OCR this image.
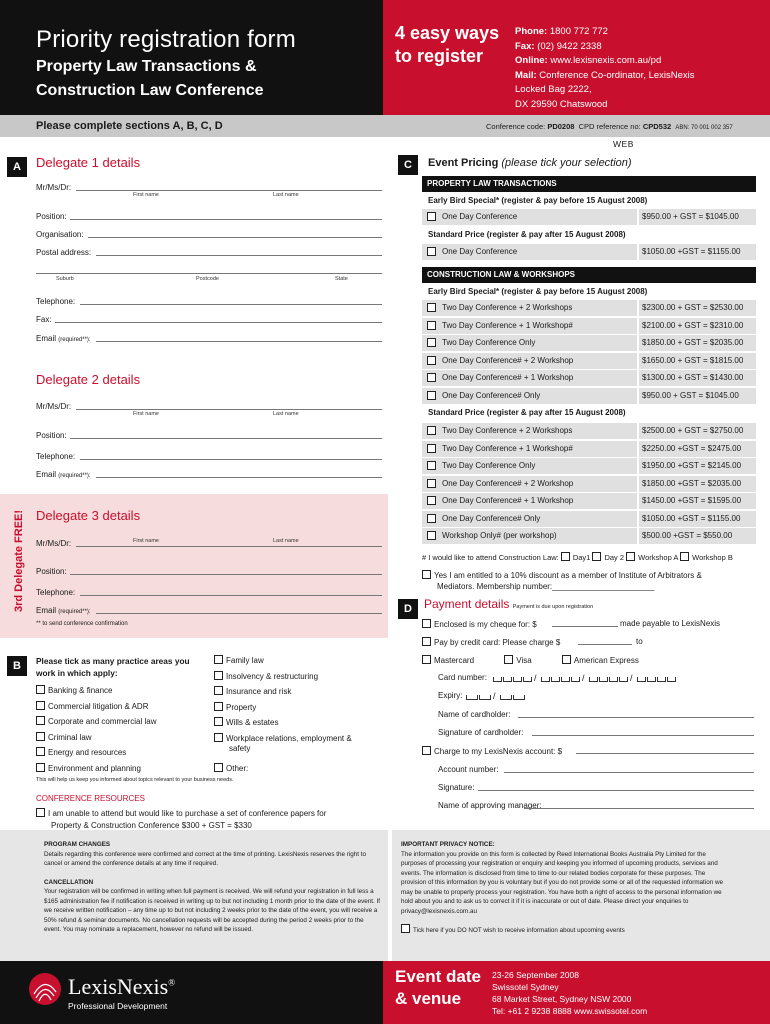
Priority registration form
Property Law Transactions &
Construction Law Conference
4 easy ways
to register
Phone: 1800 772 772
Fax: (02) 9422 2338
Online: www.lexisnexis.com.au/pd
Mail: Conference Co-ordinator, LexisNexis
Locked Bag 2222,
DX 29590 Chatswood
Please complete sections A, B, C, D	Conference code: PD0208 CPD reference no: CPD532 ABN: 70 001 002 357
WEB
A	Delegate 1 details
Mr/Ms/Dr:
First name	Last name
Position:
Organisation:
Postal address:
Suburb	Postcode	State
Telephone:
Fax:
Email (required**):
Delegate 2 details
Mr/Ms/Dr:
First name	Last name
Position:
Telephone:
Email (required**):
3rd Delegate FREE! Delegate 3 details
Mr/Ms/Dr:	First name	Last name
Position:
Telephone:
Email (required**):
** to send conference confirmation
B	Please tick as many practice areas you
work in which apply:
Banking & finance
Commercial litigation & ADR
Corporate and commercial law
Criminal law
Energy and resources
Environment and planning
Family law
Insolvency & restructuring
Insurance and risk
Property
Wills & estates
Workplace relations, employment &
safety
Other:
This will help us keep you informed about topics relevant to your business needs.
CONFERENCE RESOURCES
I am unable to attend but would like to purchase a set of conference papers for
Property & Construction Conference $300 + GST = $330
C	Event Pricing (please tick your selection)
PROPERTY LAW TRANSACTIONS
Early Bird Special* (register & pay before 15 August 2008)
One Day Conference	$950.00 + GST = $1045.00
Standard Price (register & pay after 15 August 2008)
One Day Conference	$1050.00 +GST = $1155.00
CONSTRUCTION LAW & WORKSHOPS
Early Bird Special* (register & pay before 15 August 2008)
Two Day Conference + 2 Workshops	$2300.00 + GST = $2530.00
Two Day Conference + 1 Workshop#	$2100.00 + GST = $2310.00
Two Day Conference Only	$1850.00 + GST = $2035.00
One Day Conference# + 2 Workshop	$1650.00 + GST = $1815.00
One Day Conference# + 1 Workshop	$1300.00 + GST = $1430.00
One Day Conference# Only	$950.00 + GST = $1045.00
Standard Price (register & pay after 15 August 2008)
Two Day Conference + 2 Workshops	$2500.00 + GST = $2750.00
Two Day Conference + 1 Workshop#	$2250.00 +GST = $2475.00
Two Day Conference Only	$1950.00 +GST = $2145.00
One Day Conference# + 2 Workshop	$1850.00 +GST = $2035.00
One Day Conference# + 1 Workshop	$1450.00 +GST = $1595.00
One Day Conference# Only	$1050.00 +GST = $1155.00
Workshop Only# (per workshop)	$500.00 +GST = $550.00
# I would like to attend Construction Law: Day1 Day 2 Workshop A Workshop B
Yes I am entitled to a 10% discount as a member of Institute of Arbitrators &
Mediators. Membership number:_______________________
D	Payment details Payment is due upon registration
Enclosed is my cheque for: $	made payable to LexisNexis
Pay by credit card: Please charge $	to
Mastercard	Visa	American Express
Card number:	/	/	/
Expiry:	/
Name of cardholder:
Signature of cardholder:
Charge to my LexisNexis account: $
Account number:
Signature:
Name of approving manager:
PROGRAM CHANGES
Details regarding this conference were confirmed and correct at the time of printing. LexisNexis reserves the right to cancel or amend the conference details at any time if required.
CANCELLATION
Your registration will be confirmed in writing when full payment is received. We will refund your registration in full less a $165 administration fee if notification is received in writing up to but not including 1 month prior to the date of the event. If we receive written notification – any time up to but not including 2 weeks prior to the date of the event, you will receive a 50% refund & seminar documents. No cancellation requests will be accepted during the period 2 weeks prior to the event. You may nominate a replacement, however no refund will be issued.
IMPORTANT PRIVACY NOTICE:
The information you provide on this form is collected by Reed International Books Australia Pty Limited for the purposes of processing your registration or enquiry and keeping you informed of upcoming products, services and events. The information is disclosed from time to time to our related bodies corporate for these purposes. The provision of this information by you is voluntary but if you do not provide some or all of the requested information we may be unable to properly process your registration. You have both a right of access to the personal information we hold about you and to ask us to correct it if it is inaccurate or out of date. Please direct your enquiries to privacy@lexisnexis.com.au
Tick here if you DO NOT wish to receive information about upcoming events
LexisNexis®
Professional Development
Event date
& venue
23-26 September 2008
Swissotel Sydney
68 Market Street, Sydney NSW 2000
Tel: +61 2 9238 8888 www.swissotel.com
